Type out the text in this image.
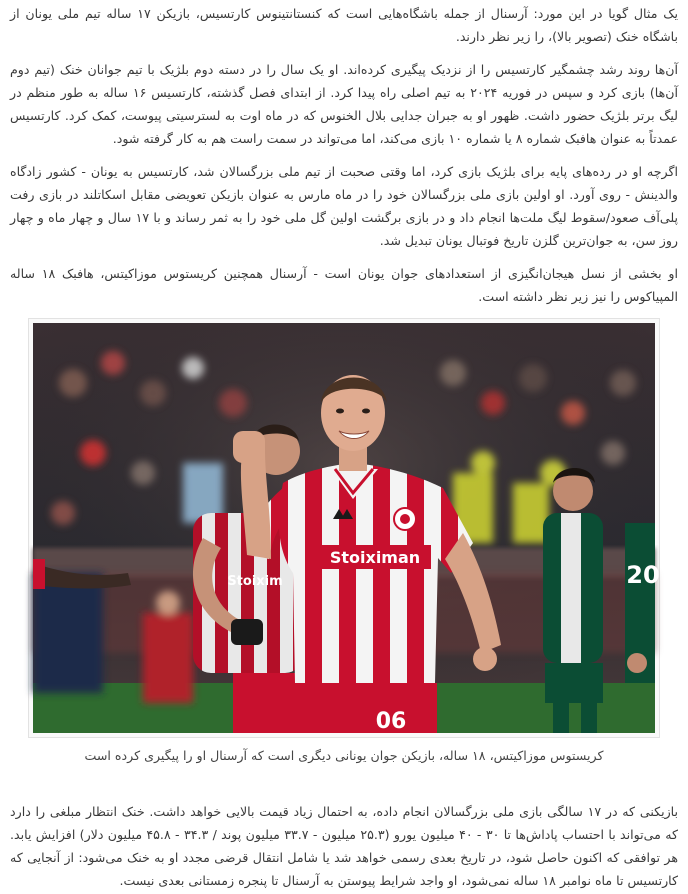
یک مثال گویا در این مورد: آرسنال از جمله باشگاه‌هایی است که کنستانتینوس کارتسیس، بازیکن ۱۷ ساله تیم ملی یونان از باشگاه خنک (تصویر بالا)، را زیر نظر دارند.

آن‌ها روند رشد چشمگیر کارتسیس را از نزدیک پیگیری کرده‌اند. او یک سال را در دسته دوم بلژیک با تیم جوانان خنک (تیم دوم آن‌ها) بازی کرد و سپس در فوریه ۲۰۲۴ به تیم اصلی راه پیدا کرد. از ابتدای فصل گذشته، کارتسیس ۱۶ ساله به طور منظم در لیگ برتر بلژیک حضور داشت. ظهور او به جبران جدایی بلال الخنوس که در ماه اوت به لسترسیتی پیوست، کمک کرد. کارتسیس عمدتاً به عنوان هافبک شماره ۸ یا شماره ۱۰ بازی می‌کند، اما می‌تواند در سمت راست هم به کار گرفته شود.

اگرچه او در رده‌های پایه برای بلژیک بازی کرد، اما وقتی صحبت از تیم ملی بزرگسالان شد، کارتسیس به یونان - کشور زادگاه والدینش - روی آورد. او اولین بازی ملی بزرگسالان خود را در ماه مارس به عنوان بازیکن تعویضی مقابل اسکاتلند در بازی رفت پلی‌آف صعود/سقوط لیگ ملت‌ها انجام داد و در بازی برگشت اولین گل ملی خود را به ثمر رساند و با ۱۷ سال و چهار ماه و چهار روز سن، به جوان‌ترین گلزن تاریخ فوتبال یونان تبدیل شد.

او بخشی از نسل هیجان‌انگیزی از استعدادهای جوان یونان است - آرسنال همچنین کریستوس موزاکیتس، هافبک ۱۸ ساله المپیاکوس را نیز زیر نظر داشته است.

Stoixim
Stoiximan
06
20

کریستوس موزاکیتس، ۱۸ ساله، بازیکن جوان یونانی دیگری است که آرسنال او را پیگیری کرده است

بازیکنی که در ۱۷ سالگی بازی ملی بزرگسالان انجام داده، به احتمال زیاد قیمت بالایی خواهد داشت. خنک انتظار مبلغی را دارد که می‌تواند با احتساب پاداش‌ها تا ۳۰ - ۴۰ میلیون یورو (۲۵.۳ میلیون - ۳۳.۷ میلیون پوند / ۳۴.۳ - ۴۵.۸ میلیون دلار) افزایش یابد. هر توافقی که اکنون حاصل شود، در تاریخ بعدی رسمی خواهد شد یا شامل انتقال قرضی مجدد او به خنک می‌شود: از آنجایی که کارتسیس تا ماه نوامبر ۱۸ ساله نمی‌شود، او واجد شرایط پیوستن به آرسنال تا پنجره زمستانی بعدی نیست.
